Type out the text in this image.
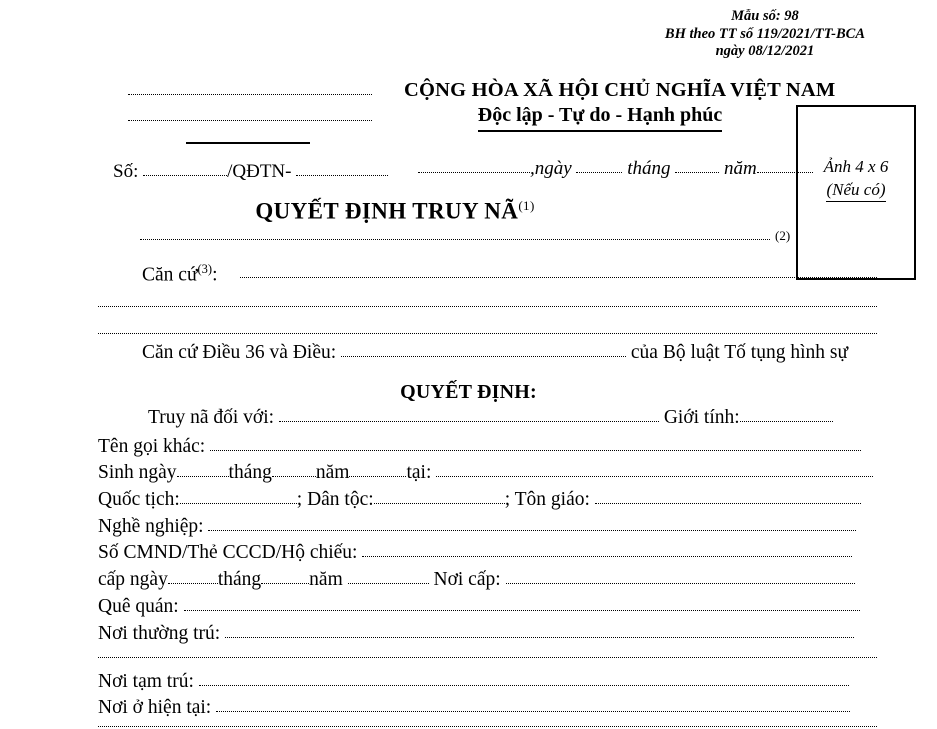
Mẫu số: 98
BH theo TT số 119/2021/TT-BCA
ngày 08/12/2021
CỘNG HÒA XÃ HỘI CHỦ NGHĨA VIỆT NAM
Độc lập - Tự do - Hạnh phúc
Số:	/QĐTN-	,ngày	tháng	năm	Ảnh 4 x 6
(Nếu có)
QUYẾT ĐỊNH TRUY NÃ$^{(1)}$
(2)
Căn cứ$^{(3)}$:
Căn cứ Điều 36 và Điều:	của Bộ luật Tố tụng hình sự
QUYẾT ĐỊNH:
Truy nã đối với:	Giới tính:
Tên gọi khác:
Sinh ngày	tháng năm	tại:
Quốc tịch:	; Dân tộc:	; Tôn giáo:
Nghề nghiệp:
Số CMND/Thẻ CCCD/Hộ chiếu:
cấp ngày	tháng năm	Nơi cấp:
Quê quán:
Nơi thường trú:
Nơi tạm trú:
Nơi ở hiện tại:
